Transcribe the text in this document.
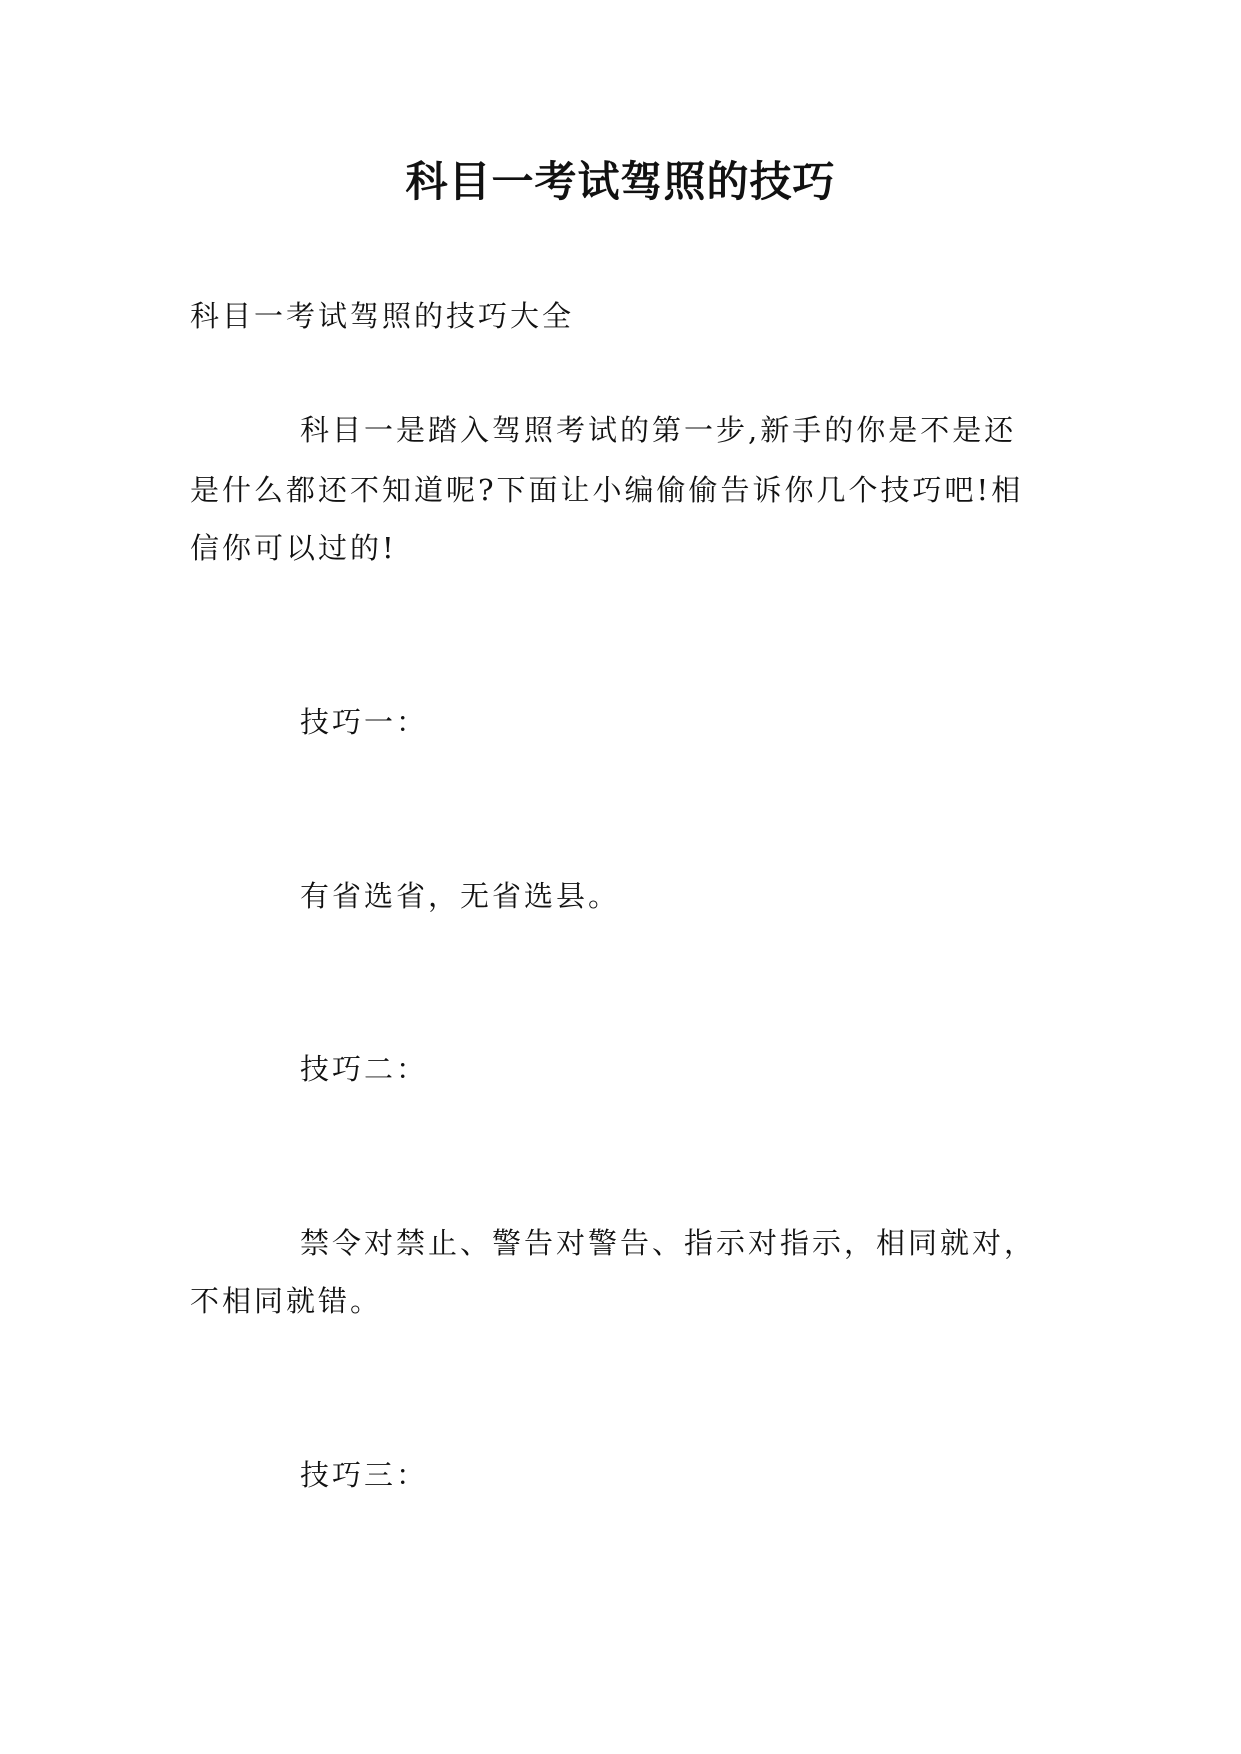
科目一考试驾照的技巧
科目一考试驾照的技巧大全
科目一是踏入驾照考试的第一步,新手的你是不是还
是什么都还不知道呢?下面让小编偷偷告诉你几个技巧吧!相
信你可以过的!
技巧一：
有省选省，无省选县。
技巧二：
禁令对禁止、警告对警告、指示对指示，相同就对，
不相同就错。
技巧三：
